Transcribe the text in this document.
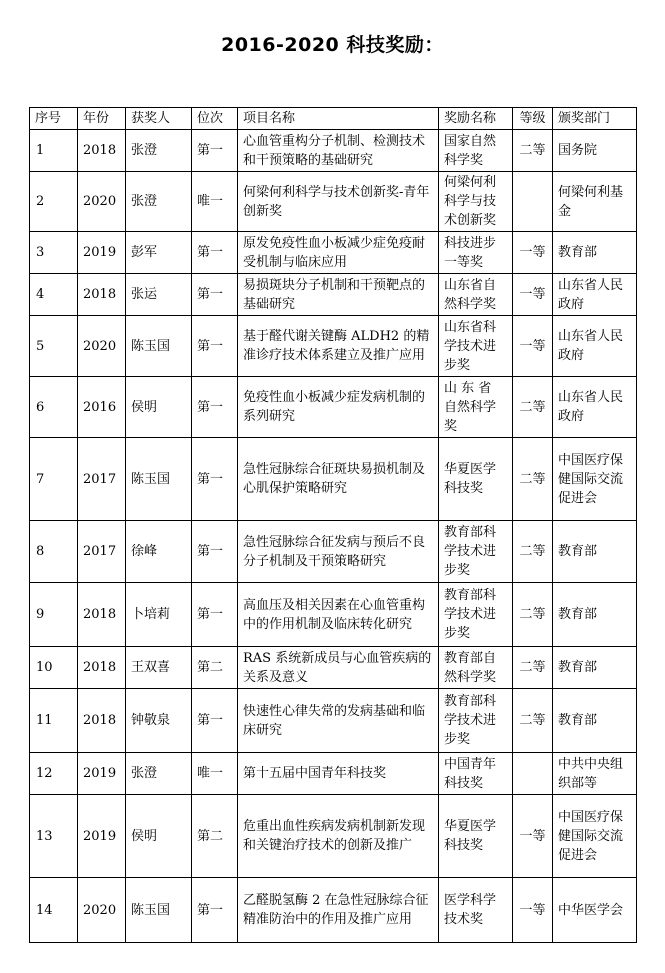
2016-2020 科技奖励：
序号	年份	获奖人	位次	项目名称	奖励名称	等级	颁奖部门
1	2018	张澄	第一	心血管重构分子机制、检测技术和干预策略的基础研究	国家自然科学奖	二等	国务院
2	2020	张澄	唯一	何梁何利科学与技术创新奖-青年创新奖	何梁何利科学与技术创新奖		何梁何利基金
3	2019	彭军	第一	原发免疫性血小板减少症免疫耐受机制与临床应用	科技进步一等奖	一等	教育部
4	2018	张运	第一	易损斑块分子机制和干预靶点的基础研究	山东省自然科学奖	一等	山东省人民政府
5	2020	陈玉国	第一	基于醛代谢关键酶 ALDH2 的精准诊疗技术体系建立及推广应用	山东省科学技术进步奖	一等	山东省人民政府
6	2016	侯明	第一	免疫性血小板减少症发病机制的系列研究	山 东 省 自然科学奖	二等	山东省人民政府
7	2017	陈玉国	第一	急性冠脉综合征斑块易损机制及心肌保护策略研究	华夏医学科技奖	二等	中国医疗保健国际交流促进会
8	2017	徐峰	第一	急性冠脉综合征发病与预后不良分子机制及干预策略研究	教育部科学技术进步奖	二等	教育部
9	2018	卜培莉	第一	高血压及相关因素在心血管重构中的作用机制及临床转化研究	教育部科学技术进步奖	二等	教育部
10	2018	王双喜	第二	RAS 系统新成员与心血管疾病的关系及意义	教育部自然科学奖	二等	教育部
11	2018	钟敬泉	第一	快速性心律失常的发病基础和临床研究	教育部科学技术进步奖	二等	教育部
12	2019	张澄	唯一	第十五届中国青年科技奖	中国青年科技奖		中共中央组织部等
13	2019	侯明	第二	危重出血性疾病发病机制新发现和关键治疗技术的创新及推广	华夏医学科技奖	一等	中国医疗保健国际交流促进会
14	2020	陈玉国	第一	乙醛脱氢酶 2 在急性冠脉综合征精准防治中的作用及推广应用	医学科学技术奖	一等	中华医学会
